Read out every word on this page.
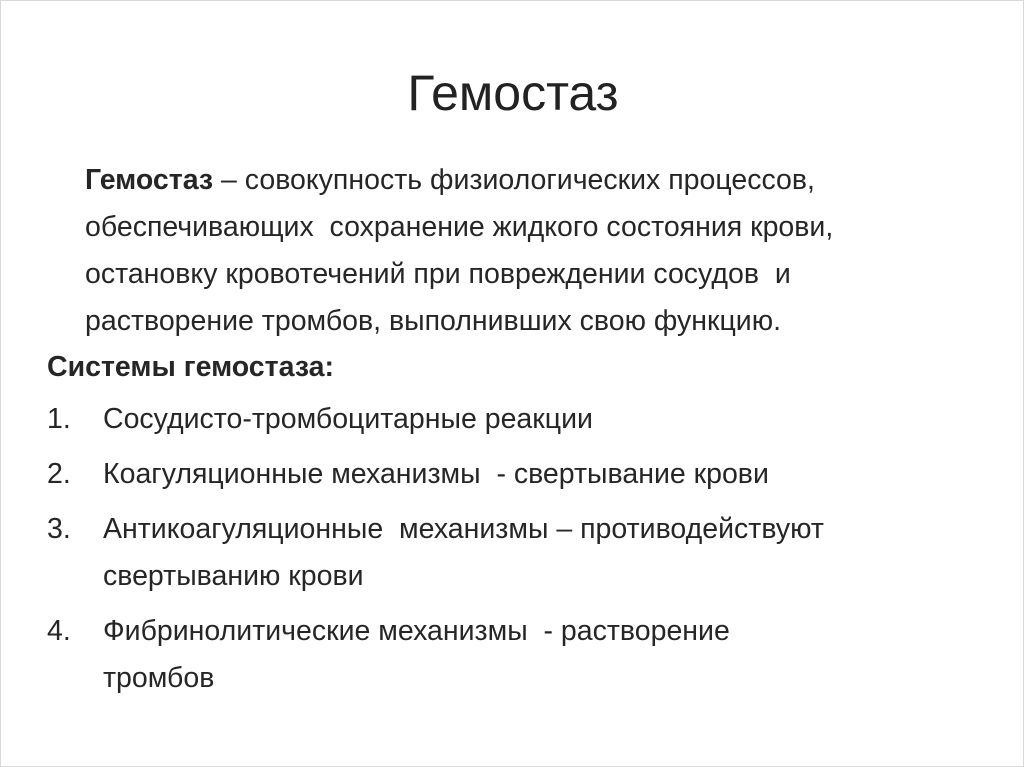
Гемостаз
Гемостаз – совокупность физиологических процессов,
обеспечивающих  сохранение жидкого состояния крови,
остановку кровотечений при повреждении сосудов  и
растворение тромбов, выполнивших свою функцию.
Системы гемостаза:
1.	Сосудисто-тромбоцитарные реакции
2.	Коагуляционные механизмы  - свертывание крови
3.	Антикоагуляционные  механизмы – противодействуют
свертыванию крови
4.	Фибринолитические механизмы  - растворение
тромбов
